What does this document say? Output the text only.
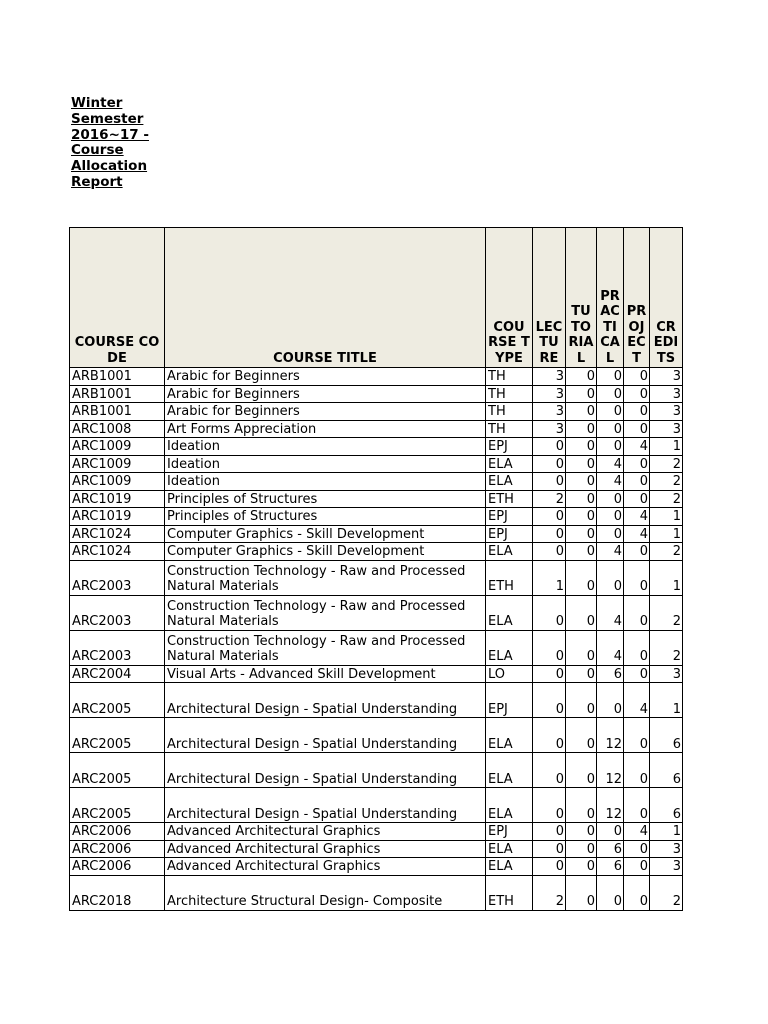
Winter
Semester
2016~17 -
Course
Allocation
Report
COURSE CODE	COURSE TITLE	COU RSE TYPE	LEC TU RE	TU TO RIA L	PR AC TI CA L	PR OJ EC T	CR EDI TS
ARB1001	Arabic for Beginners	TH	3	0	0	0	3
ARB1001	Arabic for Beginners	TH	3	0	0	0	3
ARB1001	Arabic for Beginners	TH	3	0	0	0	3
ARC1008	Art Forms Appreciation	TH	3	0	0	0	3
ARC1009	Ideation	EPJ	0	0	0	4	1
ARC1009	Ideation	ELA	0	0	4	0	2
ARC1009	Ideation	ELA	0	0	4	0	2
ARC1019	Principles of Structures	ETH	2	0	0	0	2
ARC1019	Principles of Structures	EPJ	0	0	0	4	1
ARC1024	Computer Graphics - Skill Development	EPJ	0	0	0	4	1
ARC1024	Computer Graphics - Skill Development	ELA	0	0	4	0	2
ARC2003	Construction Technology - Raw and Processed Natural Materials	ETH	1	0	0	0	1
ARC2003	Construction Technology - Raw and Processed Natural Materials	ELA	0	0	4	0	2
ARC2003	Construction Technology - Raw and Processed Natural Materials	ELA	0	0	4	0	2
ARC2004	Visual Arts - Advanced Skill Development	LO	0	0	6	0	3
ARC2005	Architectural Design - Spatial Understanding	EPJ	0	0	0	4	1
ARC2005	Architectural Design - Spatial Understanding	ELA	0	0	12	0	6
ARC2005	Architectural Design - Spatial Understanding	ELA	0	0	12	0	6
ARC2005	Architectural Design - Spatial Understanding	ELA	0	0	12	0	6
ARC2006	Advanced Architectural Graphics	EPJ	0	0	0	4	1
ARC2006	Advanced Architectural Graphics	ELA	0	0	6	0	3
ARC2006	Advanced Architectural Graphics	ELA	0	0	6	0	3
ARC2018	Architecture Structural Design- Composite	ETH	2	0	0	0	2
